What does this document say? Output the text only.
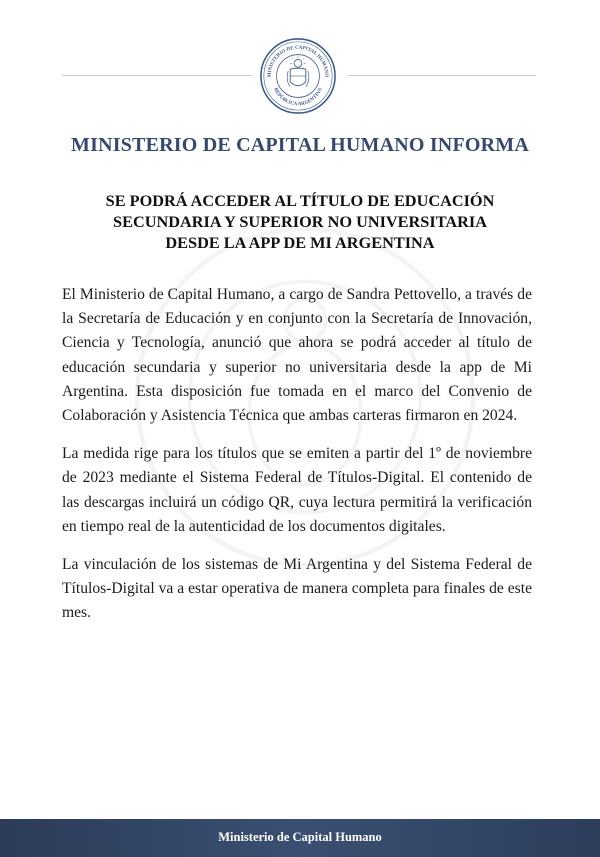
MINISTERIO DE CAPITAL HUMANO
REPÚBLICA ARGENTINA
MINISTERIO DE CAPITAL HUMANO INFORMA
SE PODRÁ ACCEDER AL TÍTULO DE EDUCACIÓN
SECUNDARIA Y SUPERIOR NO UNIVERSITARIA
DESDE LA APP DE MI ARGENTINA

El Ministerio de Capital Humano, a cargo de Sandra Pettovello, a través de la Secretaría de Educación y en conjunto con la Secretaría de Innovación, Ciencia y Tecnología, anunció que ahora se podrá acceder al título de educación secundaria y superior no universitaria desde la app de Mi Argentina. Esta disposición fue tomada en el marco del Convenio de Colaboración y Asistencia Técnica que ambas carteras firmaron en 2024.

La medida rige para los títulos que se emiten a partir del 1º de noviembre de 2023 mediante el Sistema Federal de Títulos-Digital. El contenido de las descargas incluirá un código QR, cuya lectura permitirá la verificación en tiempo real de la autenticidad de los documentos digitales.

La vinculación de los sistemas de Mi Argentina y del Sistema Federal de Títulos-Digital va a estar operativa de manera completa para finales de este mes.

Ministerio de Capital Humano
